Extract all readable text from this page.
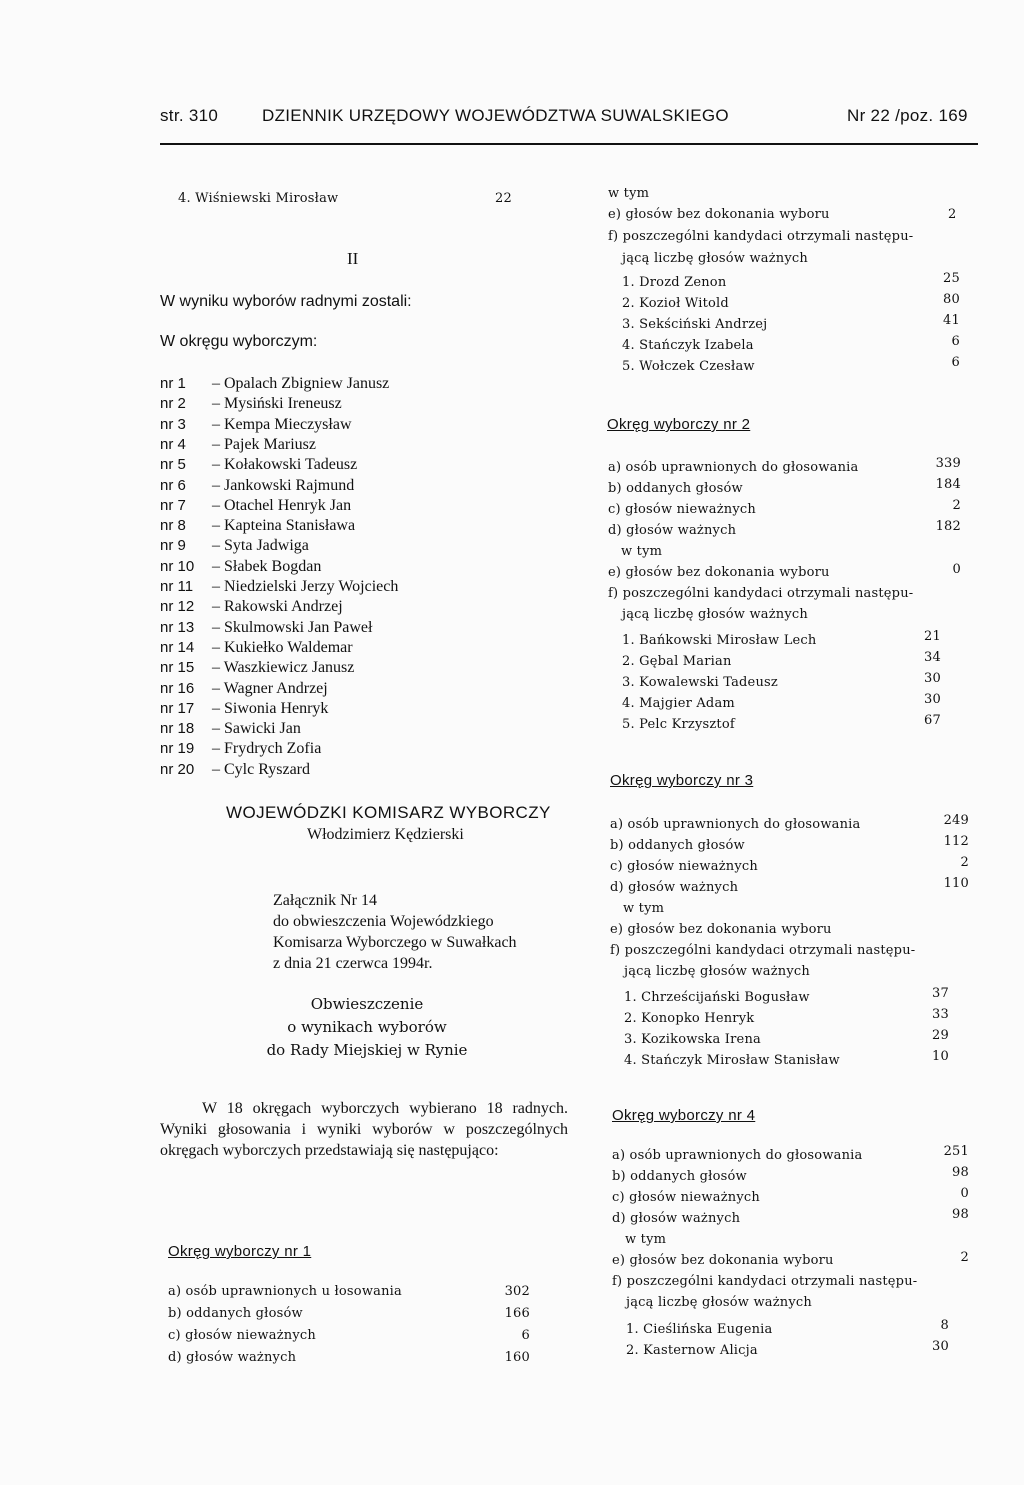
str. 310	DZIENNIK URZĘDOWY WOJEWÓDZTWA SUWALSKIEGO	Nr 22 /poz. 169
4. Wiśniewski Mirosław	22
II
W wyniku wyborów radnymi zostali:
W okręgu wyborczym:
nr 1 – Opalach Zbigniew Janusz
nr 2 – Mysiński Ireneusz
nr 3 – Kempa Mieczysław
nr 4 – Pajek Mariusz
nr 5 – Kołakowski Tadeusz
nr 6 – Jankowski Rajmund
nr 7 – Otachel Henryk Jan
nr 8 – Kapteina Stanisława
nr 9 – Syta Jadwiga
nr 10 – Słabek Bogdan
nr 11 – Niedzielski Jerzy Wojciech
nr 12 – Rakowski Andrzej
nr 13 – Skulmowski Jan Paweł
nr 14 – Kukiełko Waldemar
nr 15 – Waszkiewicz Janusz
nr 16 – Wagner Andrzej
nr 17 – Siwonia Henryk
nr 18 – Sawicki Jan
nr 19 – Frydrych Zofia
nr 20 – Cylc Ryszard
WOJEWÓDZKI KOMISARZ WYBORCZY
Włodzimierz Kędzierski
Załącznik Nr 14
do obwieszczenia Wojewódzkiego
Komisarza Wyborczego w Suwałkach
z dnia 21 czerwca 1994r.
Obwieszczenie
o wynikach wyborów
do Rady Miejskiej w Rynie
W 18 okręgach wyborczych wybierano 18 radnych. Wyniki głosowania i wyniki wyborów w poszczególnych okręgach wyborczych przedstawiają się następująco:
Okręg wyborczy nr 1
a) osób uprawnionych u łosowania	302
b) oddanych głosów	166
c) głosów nieważnych	6
d) głosów ważnych	160
w tym
e) głosów bez dokonania wyboru	2
f) poszczególni kandydaci otrzymali następu-
jącą liczbę głosów ważnych
1. Drozd Zenon	25
2. Kozioł Witold	80
3. Sekściński Andrzej	41
4. Stańczyk Izabela	6
5. Wołczek Czesław	6
Okręg wyborczy nr 2
a) osób uprawnionych do głosowania	339
b) oddanych głosów	184
c) głosów nieważnych	2
d) głosów ważnych	182
w tym
e) głosów bez dokonania wyboru	0
f) poszczególni kandydaci otrzymali następu-
jącą liczbę głosów ważnych
1. Bańkowski Mirosław Lech	21
2. Gębal Marian	34
3. Kowalewski Tadeusz	30
4. Majgier Adam	30
5. Pelc Krzysztof	67
Okręg wyborczy nr 3
a) osób uprawnionych do głosowania	249
b) oddanych głosów	112
c) głosów nieważnych	2
d) głosów ważnych	110
w tym
e) głosów bez dokonania wyboru
f) poszczególni kandydaci otrzymali następu-
jącą liczbę głosów ważnych
1. Chrześcijański Bogusław	37
2. Konopko Henryk	33
3. Kozikowska Irena	29
4. Stańczyk Mirosław Stanisław	10
Okręg wyborczy nr 4
a) osób uprawnionych do głosowania	251
b) oddanych głosów	98
c) głosów nieważnych	0
d) głosów ważnych	98
w tym
e) głosów bez dokonania wyboru	2
f) poszczególni kandydaci otrzymali następu-
jącą liczbę głosów ważnych
1. Cieślińska Eugenia	8
2. Kasternow Alicja	30
